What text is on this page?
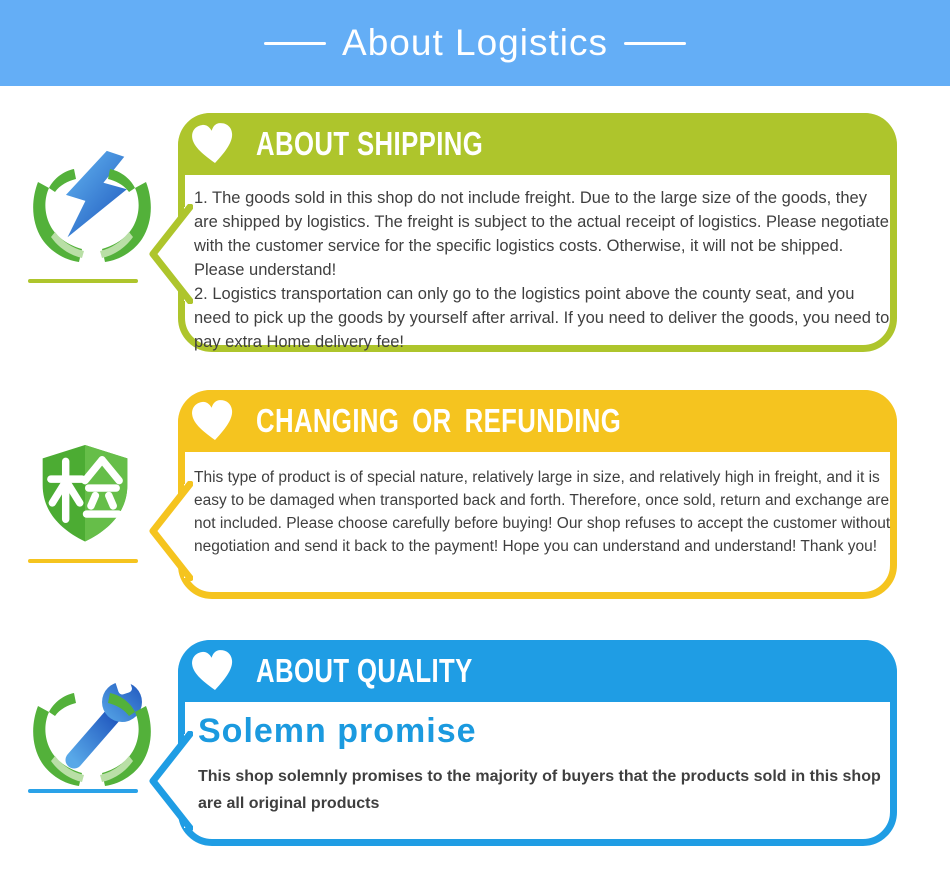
About Logistics
ABOUT SHIPPING

1. The goods sold in this shop do not include freight. Due to the large size of the goods, they are shipped by logistics. The freight is subject to the actual receipt of logistics. Please negotiate with the customer service for the specific logistics costs. Otherwise, it will not be shipped. Please understand!

2. Logistics transportation can only go to the logistics point above the county seat, and you need to pick up the goods by yourself after arrival. If you need to deliver the goods, you need to pay extra Home delivery fee!

CHANGING OR REFUNDING

This type of product is of special nature, relatively large in size, and relatively high in freight, and it is easy to be damaged when transported back and forth. Therefore, once sold, return and exchange are not included. Please choose carefully before buying! Our shop refuses to accept the customer without negotiation and send it back to the payment! Hope you can understand and understand! Thank you!

ABOUT QUALITY
Solemn promise

This shop solemnly promises to the majority of buyers that the products sold in this shop are all original products
